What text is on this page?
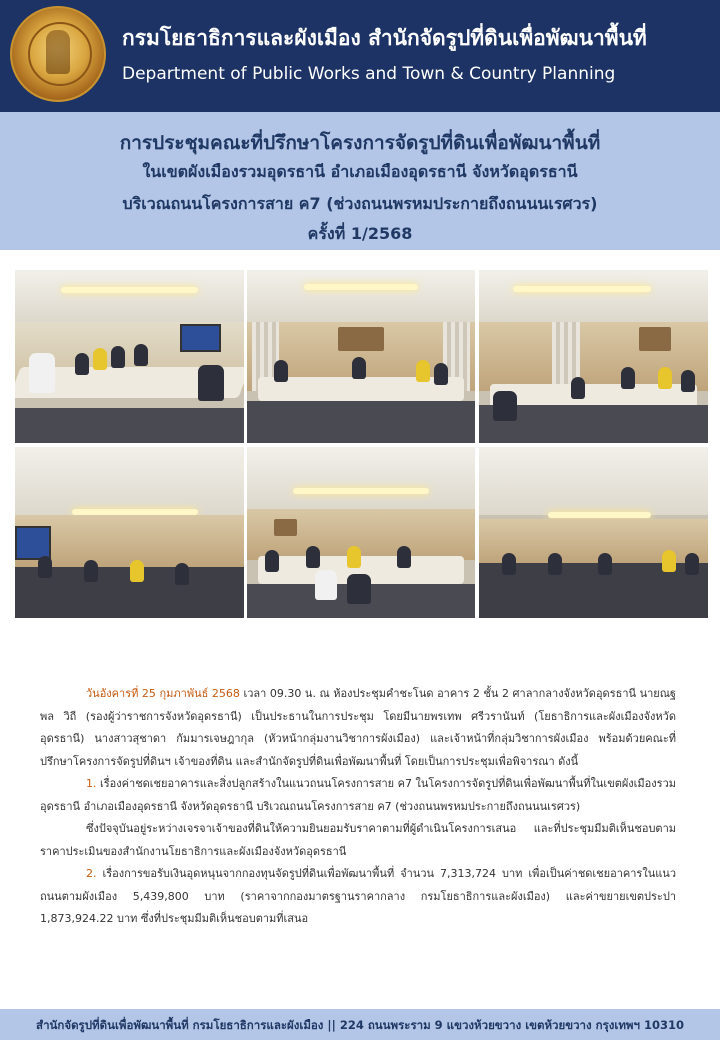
กรมโยธาธิการและผังเมือง สำนักจัดรูปที่ดินเพื่อพัฒนาพื้นที่
Department of Public Works and Town & Country Planning
การประชุมคณะที่ปรึกษาโครงการจัดรูปที่ดินเพื่อพัฒนาพื้นที่
ในเขตผังเมืองรวมอุดรธานี อำเภอเมืองอุดรธานี จังหวัดอุดรธานี
บริเวณถนนโครงการสาย ค7 (ช่วงถนนพรหมประกายถึงถนนนเรศวร)
ครั้งที่ 1/2568

วันอังคารที่ 25 กุมภาพันธ์ 2568 เวลา 09.30 น. ณ ห้องประชุมคำชะโนด อาคาร 2 ชั้น 2 ศาลากลางจังหวัดอุดรธานี นายณฐพล วิถี (รองผู้ว่าราชการจังหวัดอุดรธานี) เป็นประธานในการประชุม โดยมีนายพรเทพ ศรีวรานันท์ (โยธาธิการและผังเมืองจังหวัดอุดรธานี) นางสาวสุชาดา กัมมารเจษฎากุล (หัวหน้ากลุ่มงานวิชาการผังเมือง) และเจ้าหน้าที่กลุ่มวิชาการผังเมือง พร้อมด้วยคณะที่ปรึกษาโครงการจัดรูปที่ดินฯ เจ้าของที่ดิน และสำนักจัดรูปที่ดินเพื่อพัฒนาพื้นที่ โดยเป็นการประชุมเพื่อพิจารณา ดังนี้

1. เรื่องค่าชดเชยอาคารและสิ่งปลูกสร้างในแนวถนนโครงการสาย ค7 ในโครงการจัดรูปที่ดินเพื่อพัฒนาพื้นที่ในเขตผังเมืองรวมอุดรธานี อำเภอเมืองอุดรธานี จังหวัดอุดรธานี บริเวณถนนโครงการสาย ค7 (ช่วงถนนพรหมประกายถึงถนนนเรศวร)

ซึ่งปัจจุบันอยู่ระหว่างเจรจาเจ้าของที่ดินให้ความยินยอมรับราคาตามที่ผู้ดำเนินโครงการเสนอ และที่ประชุมมีมติเห็นชอบตามราคาประเมินของสำนักงานโยธาธิการและผังเมืองจังหวัดอุดรธานี

2. เรื่องการขอรับเงินอุดหนุนจากกองทุนจัดรูปที่ดินเพื่อพัฒนาพื้นที่ จำนวน 7,313,724 บาท เพื่อเป็นค่าชดเชยอาคารในแนวถนนตามผังเมือง 5,439,800 บาท (ราคาจากกองมาตรฐานราคากลาง กรมโยธาธิการและผังเมือง) และค่าขยายเขตประปา 1,873,924.22 บาท ซึ่งที่ประชุมมีมติเห็นชอบตามที่เสนอ

สำนักจัดรูปที่ดินเพื่อพัฒนาพื้นที่ กรมโยธาธิการและผังเมือง || 224 ถนนพระราม 9 แขวงห้วยขวาง เขตห้วยขวาง กรุงเทพฯ 10310
